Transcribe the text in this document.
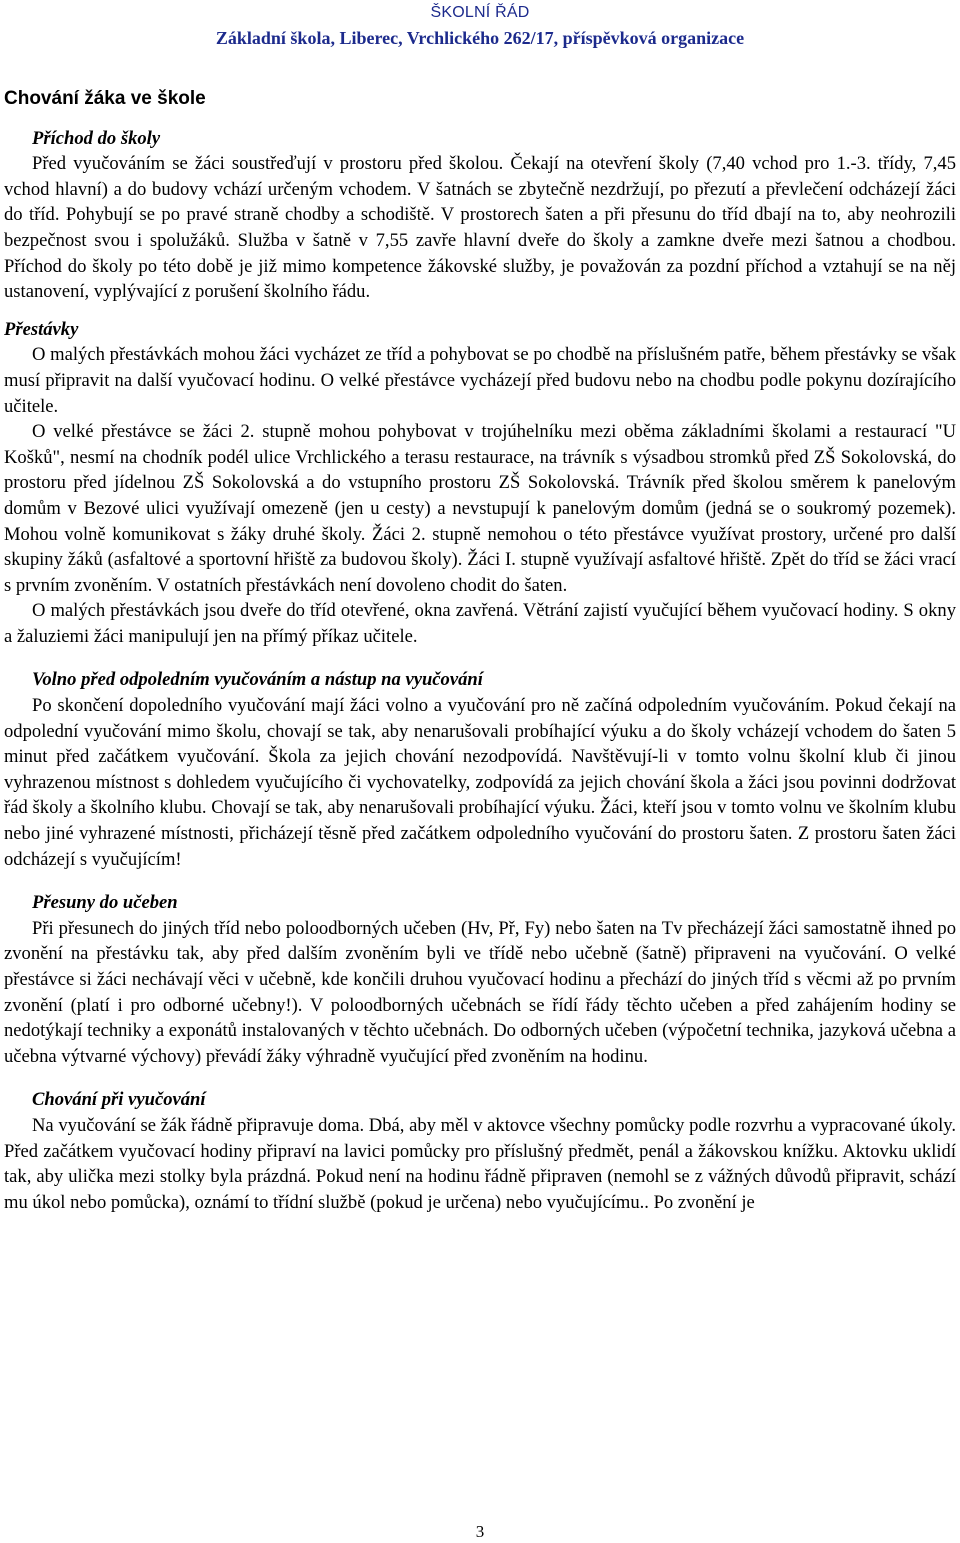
ŠKOLNÍ ŘÁD
Základní škola, Liberec, Vrchlického 262/17, příspěvková organizace
Chování žáka ve škole
Příchod do školy

Před vyučováním se žáci soustřeďují v prostoru před školou. Čekají na otevření školy (7,40 vchod pro 1.-3. třídy, 7,45 vchod hlavní) a do budovy vchází určeným vchodem. V šatnách se zbytečně nezdržují, po přezutí a převlečení odcházejí žáci do tříd. Pohybují se po pravé straně chodby a schodiště. V prostorech šaten a při přesunu do tříd dbají na to, aby neohrozili bezpečnost svou i spolužáků. Služba v šatně v 7,55 zavře hlavní dveře do školy a zamkne dveře mezi šatnou a chodbou. Příchod do školy po této době je již mimo kompetence žákovské služby, je považován za pozdní příchod a vztahují se na něj ustanovení, vyplývající z porušení školního řádu.

Přestávky

O malých přestávkách mohou žáci vycházet ze tříd a pohybovat se po chodbě na příslušném patře, během přestávky se však musí připravit na další vyučovací hodinu. O velké přestávce vycházejí před budovu nebo na chodbu podle pokynu dozírajícího učitele.

O velké přestávce se žáci 2. stupně mohou pohybovat v trojúhelníku mezi oběma základními školami a restaurací "U Košků", nesmí na chodník podél ulice Vrchlického a terasu restaurace, na trávník s výsadbou stromků před ZŠ Sokolovská, do prostoru před jídelnou ZŠ Sokolovská a do vstupního prostoru ZŠ Sokolovská. Trávník před školou směrem k panelovým domům v Bezové ulici využívají omezeně (jen u cesty) a nevstupují k panelovým domům (jedná se o soukromý pozemek). Mohou volně komunikovat s žáky druhé školy. Žáci 2. stupně nemohou o této přestávce využívat prostory, určené pro další skupiny žáků (asfaltové a sportovní hřiště za budovou školy). Žáci I. stupně využívají asfaltové hřiště. Zpět do tříd se žáci vrací s prvním zvoněním. V ostatních přestávkách není dovoleno chodit do šaten.

O malých přestávkách jsou dveře do tříd otevřené, okna zavřená. Větrání zajistí vyučující během vyučovací hodiny. S okny a žaluziemi žáci manipulují jen na přímý příkaz učitele.

Volno před odpoledním vyučováním a nástup na vyučování

Po skončení dopoledního vyučování mají žáci volno a vyučování pro ně začíná odpoledním vyučováním. Pokud čekají na odpolední vyučování mimo školu, chovají se tak, aby nenarušovali probíhající výuku a do školy vcházejí vchodem do šaten 5 minut před začátkem vyučování. Škola za jejich chování nezodpovídá. Navštěvují-li v tomto volnu školní klub či jinou vyhrazenou místnost s dohledem vyučujícího či vychovatelky, zodpovídá za jejich chování škola a žáci jsou povinni dodržovat řád školy a školního klubu. Chovají se tak, aby nenarušovali probíhající výuku. Žáci, kteří jsou v tomto volnu ve školním klubu nebo jiné vyhrazené místnosti, přicházejí těsně před začátkem odpoledního vyučování do prostoru šaten. Z prostoru šaten žáci odcházejí s vyučujícím!

Přesuny do učeben

Při přesunech do jiných tříd nebo poloodborných učeben (Hv, Př, Fy) nebo šaten na Tv přecházejí žáci samostatně ihned po zvonění na přestávku tak, aby před dalším zvoněním byli ve třídě nebo učebně (šatně) připraveni na vyučování. O velké přestávce si žáci nechávají věci v učebně, kde končili druhou vyučovací hodinu a přechází do jiných tříd s věcmi až po prvním zvonění (platí i pro odborné učebny!). V poloodborných učebnách se řídí řády těchto učeben a před zahájením hodiny se nedotýkají techniky a exponátů instalovaných v těchto učebnách. Do odborných učeben (výpočetní technika, jazyková učebna a učebna výtvarné výchovy) převádí žáky výhradně vyučující před zvoněním na hodinu.

Chování při vyučování

Na vyučování se žák řádně připravuje doma. Dbá, aby měl v aktovce všechny pomůcky podle rozvrhu a vypracované úkoly. Před začátkem vyučovací hodiny připraví na lavici pomůcky pro příslušný předmět, penál a žákovskou knížku. Aktovku uklidí tak, aby ulička mezi stolky byla prázdná. Pokud není na hodinu řádně připraven (nemohl se z vážných důvodů připravit, schází mu úkol nebo pomůcka), oznámí to třídní službě (pokud je určena) nebo vyučujícímu.. Po zvonění je

3
